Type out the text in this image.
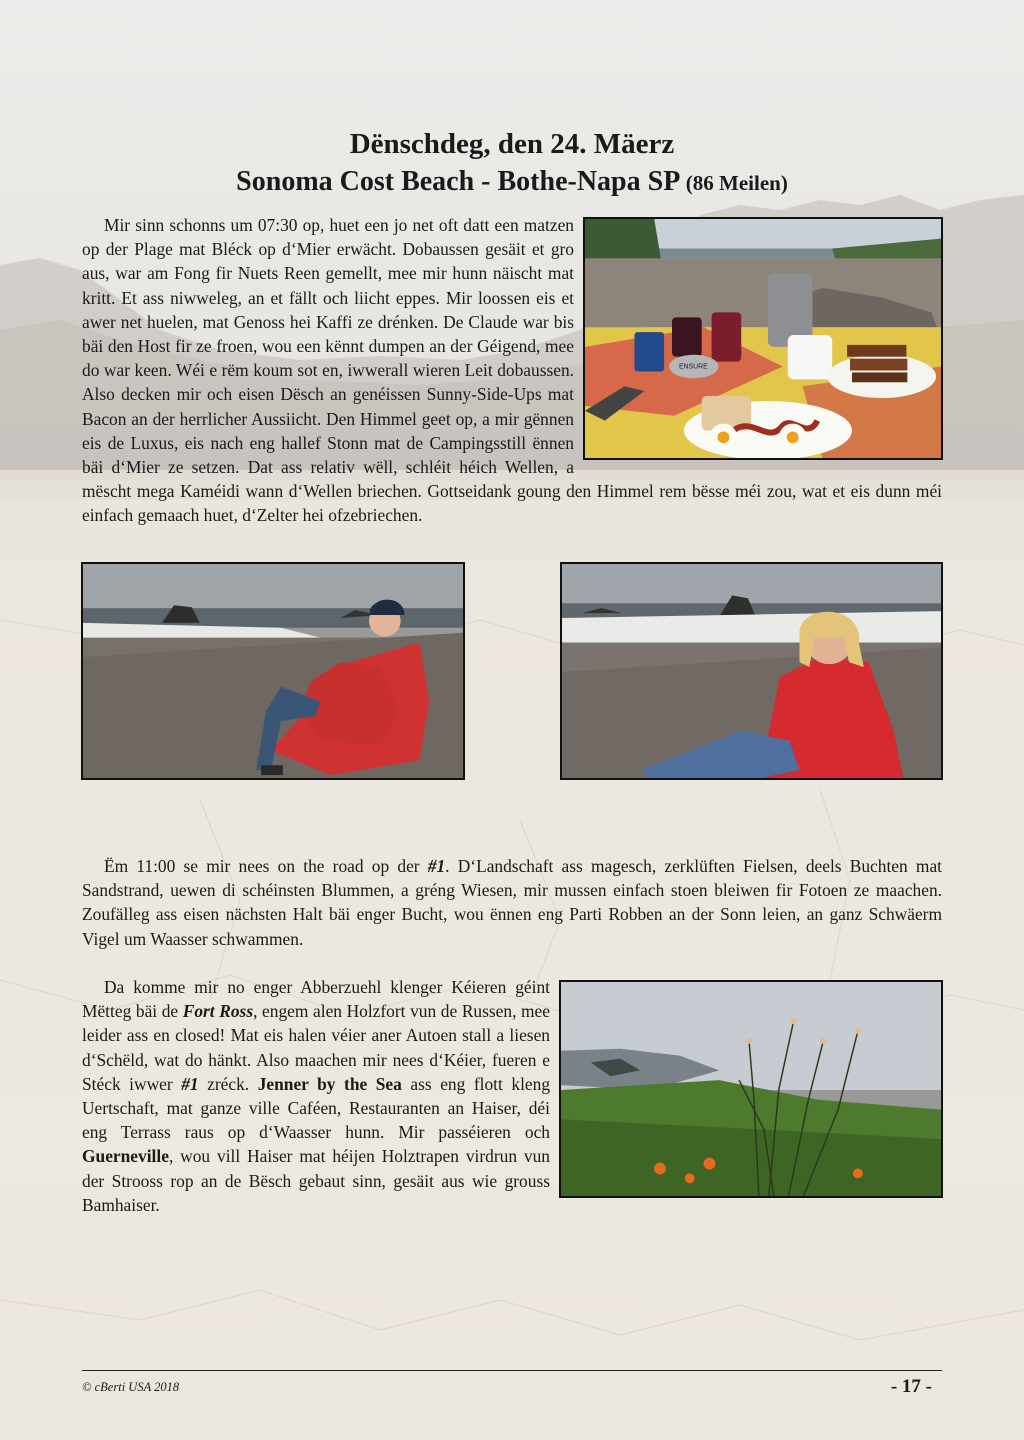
Dënschdeg, den 24. Mäerz
Sonoma Cost Beach - Bothe-Napa SP (86 Meilen)
ENSURE

Mir sinn schonns um 07:30 op, huet een jo net oft datt een matzen op der Plage mat Bléck op d‘Mier erwächt. Dobaussen gesäit et gro aus, war am Fong fir Nuets Reen gemellt, mee mir hunn näischt mat kritt. Et ass niwweleg, an et fällt och liicht eppes. Mir loossen eis et awer net huelen, mat Genoss hei Kaffi ze drénken. De Claude war bis bäi den Host fir ze froen, wou een kënnt dumpen an der Géigend, mee do war keen. Wéi e rëm koum sot en, iwwerall wieren Leit dobaussen. Also decken mir och eisen Dësch an genéissen Sunny-Side-Ups mat Bacon an der herrlicher Aussiicht. Den Himmel geet op, a mir gënnen eis de Luxus, eis nach eng hallef Stonn mat de Campingsstill ënnen bäi d‘Mier ze setzen. Dat ass relativ wëll, schléit héich Wellen, a mëscht mega Kaméidi wann d‘Wellen briechen. Gottseidank goung den Himmel rem bësse méi zou, wat et eis dunn méi einfach gemaach huet, d‘Zelter hei ofzebriechen.

Ëm 11:00 se mir nees on the road op der #1. D‘Landschaft ass magesch, zerklüften Fielsen, deels Buchten mat Sandstrand, uewen di schéinsten Blummen, a gréng Wiesen, mir mussen einfach stoen bleiwen fir Fotoen ze maachen. Zoufälleg ass eisen nächsten Halt bäi enger Bucht, wou ënnen eng Parti Robben an der Sonn leien, an ganz Schwäerm Vigel um Waasser schwammen.

Da komme mir no enger Abberzuehl klenger Kéieren géint Mëtteg bäi de Fort Ross, engem alen Holzfort vun de Russen, mee leider ass en closed! Mat eis halen véier aner Autoen stall a liesen d‘Schëld, wat do hänkt. Also maachen mir nees d‘Kéier, fueren e Stéck iwwer #1 zréck. Jenner by the Sea ass eng flott kleng Uertschaft, mat ganze ville Caféen, Restauranten an Haiser, déi eng Terrass raus op d‘Waasser hunn. Mir passéieren och Guerneville, wou vill Haiser mat héijen Holztrapen virdrun vun der Strooss rop an de Bësch gebaut sinn, gesäit aus wie grouss Bamhaiser.

© cBerti USA 2018	- 17 -
